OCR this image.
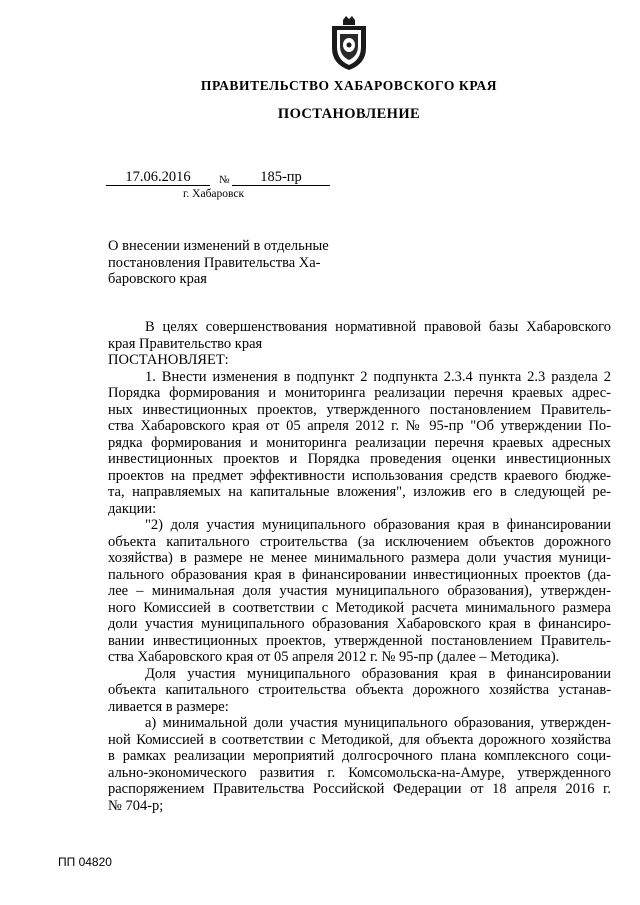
ПРАВИТЕЛЬСТВО ХАБАРОВСКОГО КРАЯ
ПОСТАНОВЛЕНИЕ
17.06.2016	№	185-пр
г. Хабаровск
О внесении изменений в отдельные
постановления Правительства Ха-
баровского края
В целях совершенствования нормативной правовой базы Хабаровского
края Правительство края
ПОСТАНОВЛЯЕТ:
1. Внести изменения в подпункт 2 подпункта 2.3.4 пункта 2.3 раздела 2
Порядка формирования и мониторинга реализации перечня краевых адрес-
ных инвестиционных проектов, утвержденного постановлением Правитель-
ства Хабаровского края от 05 апреля 2012 г. № 95-пр "Об утверждении По-
рядка формирования и мониторинга реализации перечня краевых адресных
инвестиционных проектов и Порядка проведения оценки инвестиционных
проектов на предмет эффективности использования средств краевого бюдже-
та, направляемых на капитальные вложения", изложив его в следующей ре-
дакции:
"2) доля участия муниципального образования края в финансировании
объекта капитального строительства (за исключением объектов дорожного
хозяйства) в размере не менее минимального размера доли участия муници-
пального образования края в финансировании инвестиционных проектов (да-
лее – минимальная доля участия муниципального образования), утвержден-
ного Комиссией в соответствии с Методикой расчета минимального размера
доли участия муниципального образования Хабаровского края в финансиро-
вании инвестиционных проектов, утвержденной постановлением Правитель-
ства Хабаровского края от 05 апреля 2012 г. № 95-пр (далее – Методика).
Доля участия муниципального образования края в финансировании
объекта капитального строительства объекта дорожного хозяйства устанав-
ливается в размере:
а) минимальной доли участия муниципального образования, утвержден-
ной Комиссией в соответствии с Методикой, для объекта дорожного хозяйства
в рамках реализации мероприятий долгосрочного плана комплексного соци-
ально-экономического развития г. Комсомольска-на-Амуре, утвержденного
распоряжением Правительства Российской Федерации от 18 апреля 2016 г.
№ 704-р;
ПП 04820
